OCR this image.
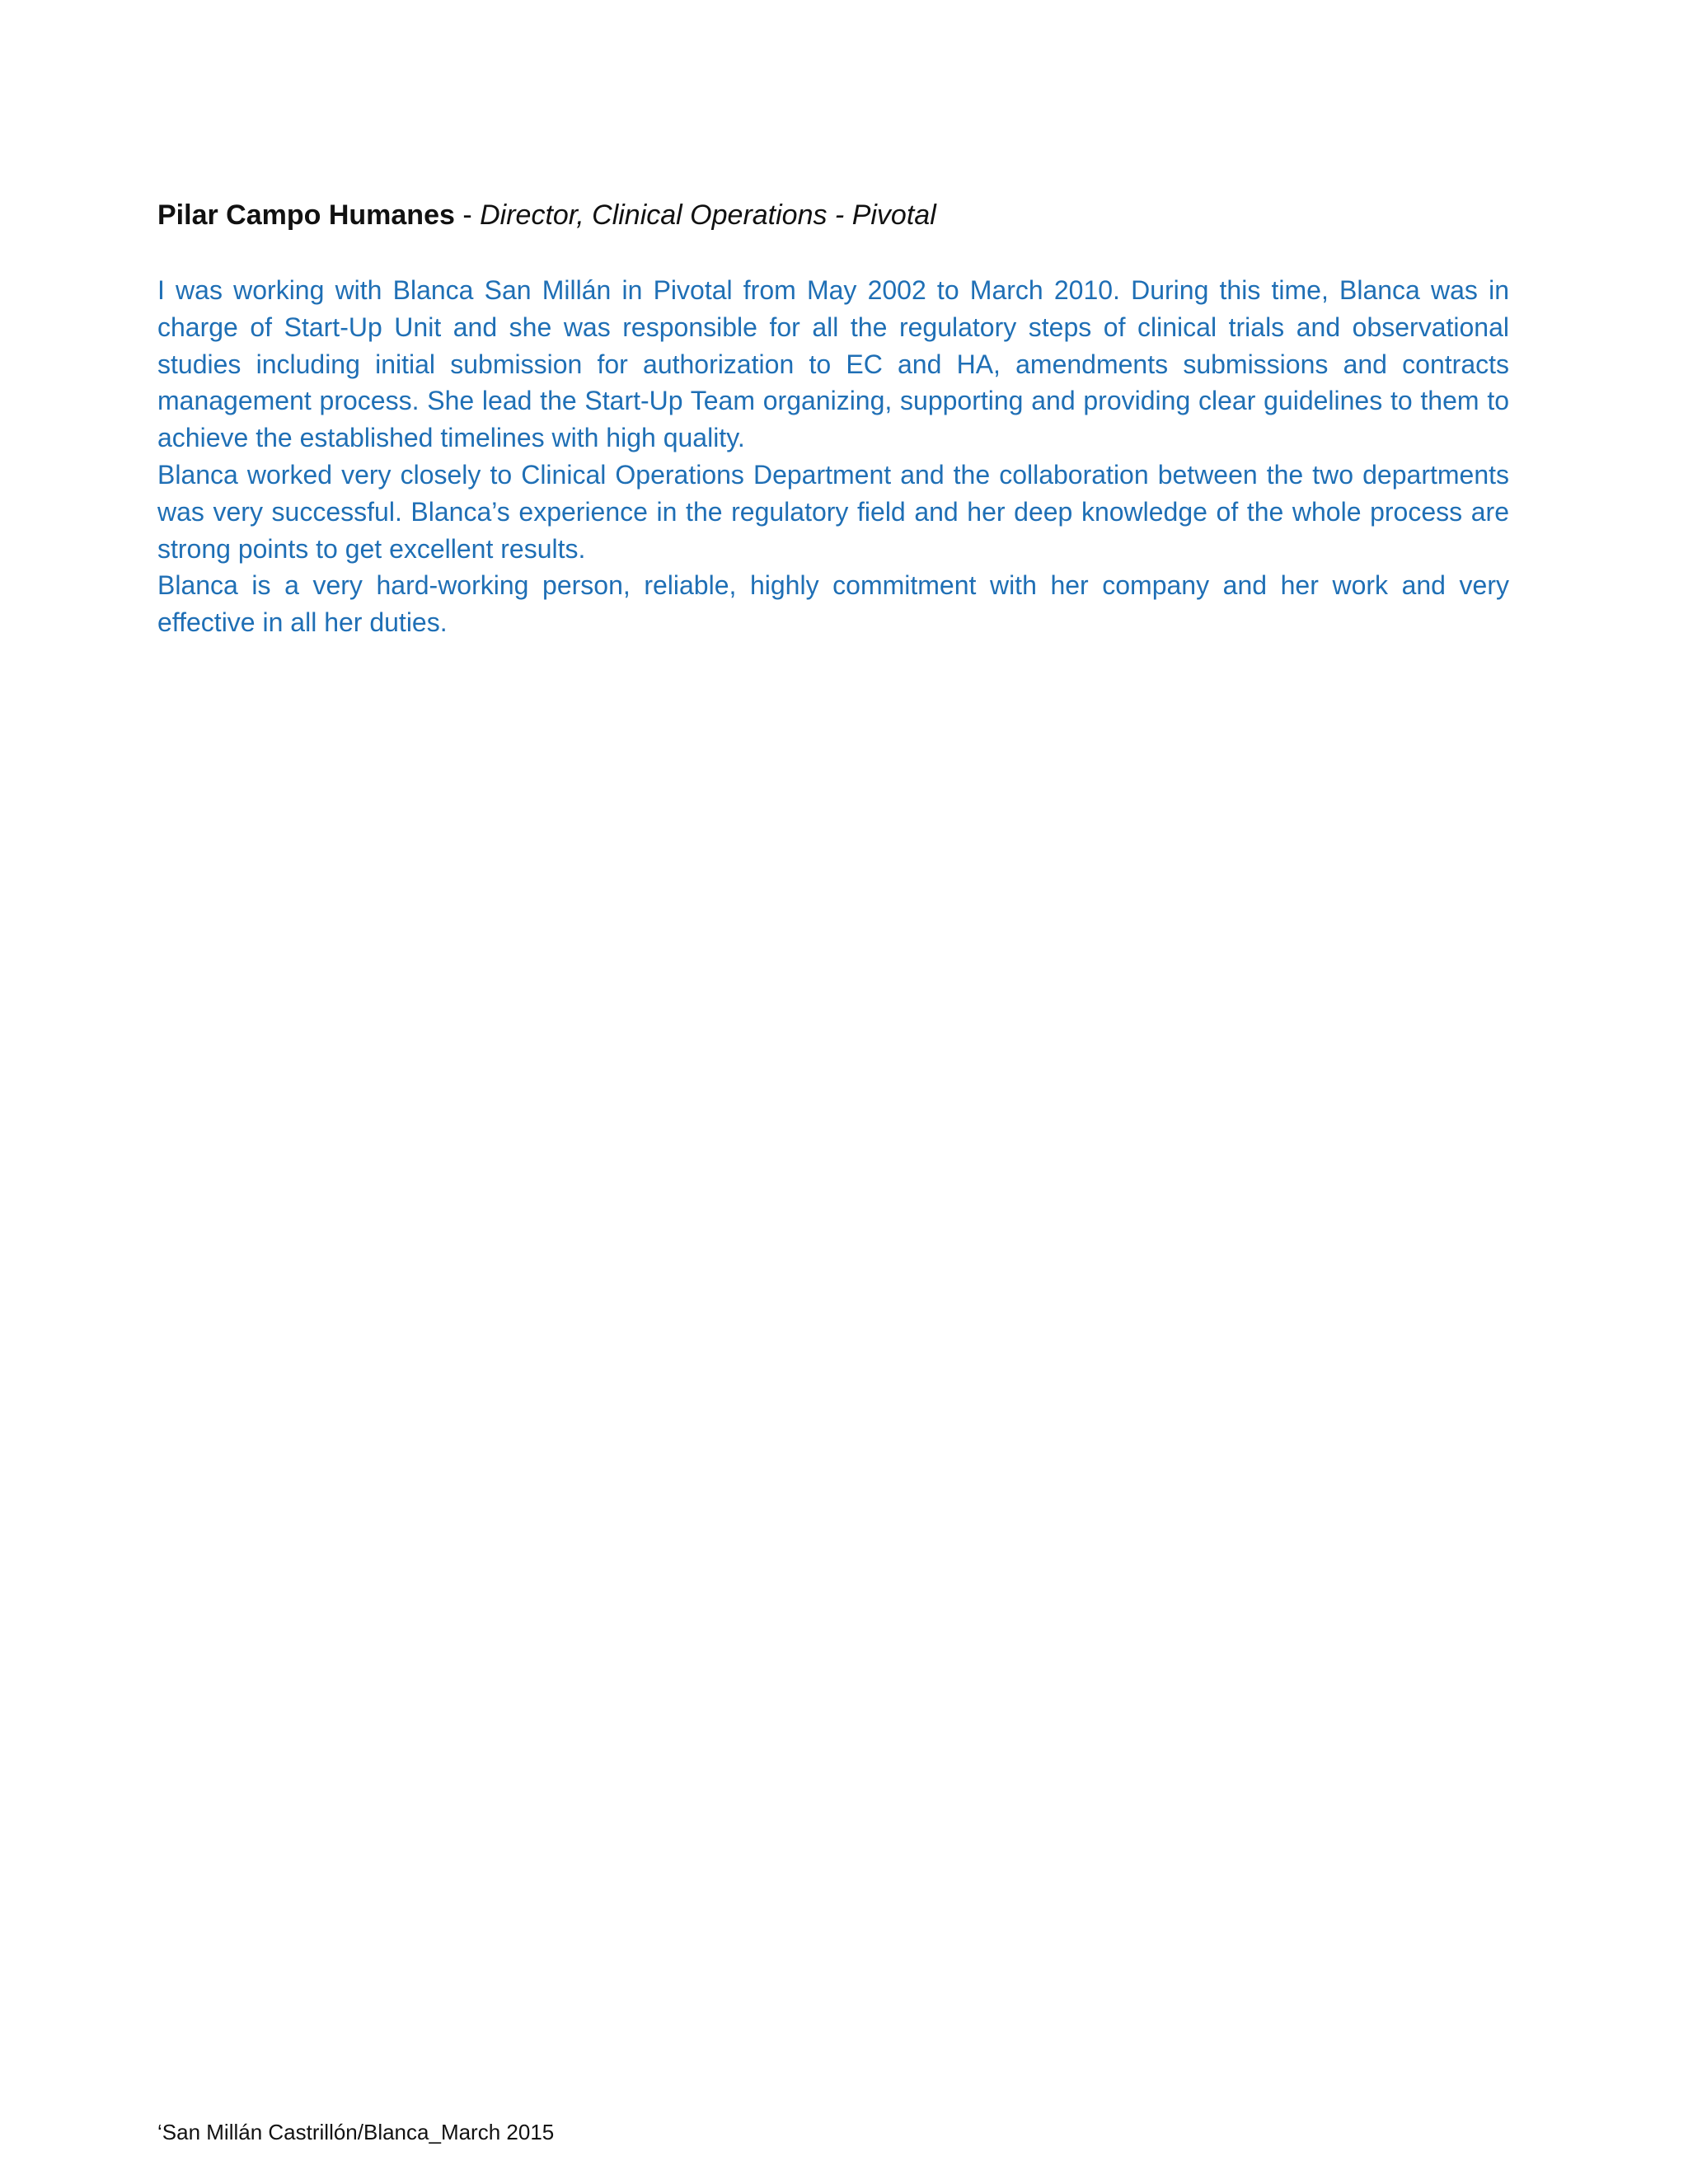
Pilar Campo Humanes - Director, Clinical Operations - Pivotal

I was working with Blanca San Millán in Pivotal from May 2002 to March 2010. During this time, Blanca was in charge of Start-Up Unit and she was responsible for all the regulatory steps of clinical trials and observational studies including initial submission for authorization to EC and HA, amendments submissions and contracts management process. She lead the Start-Up Team organizing, supporting and providing clear guidelines to them to achieve the established timelines with high quality.

Blanca worked very closely to Clinical Operations Department and the collaboration between the two departments was very successful. Blanca’s experience in the regulatory field and her deep knowledge of the whole process are strong points to get excellent results.

Blanca is a very hard-working person, reliable, highly commitment with her company and her work and very effective in all her duties.

‘San Millán Castrillón/Blanca_March 2015
